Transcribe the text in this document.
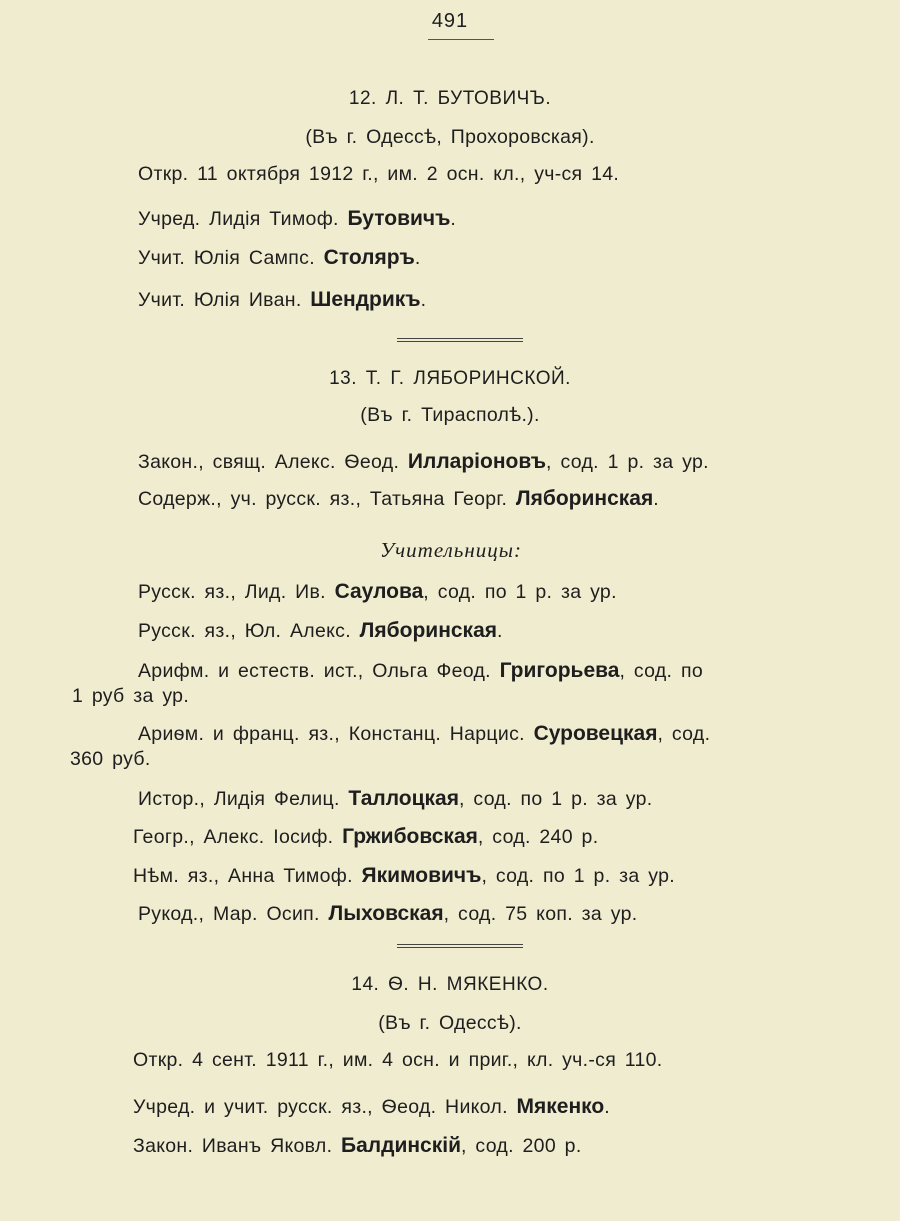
491
12. Л. Т. БУТОВИЧЪ.
(Въ г. Одессѣ, Прохоровская).
Откр. 11 октября 1912 г., им. 2 осн. кл., уч-ся 14.
Учред. Лидія Тимоф. Бутовичъ.
Учит. Юлія Сампс. Столяръ.
Учит. Юлія Иван. Шендрикъ.
13. Т. Г. ЛЯБОРИНСКОЙ.
(Въ г. Тирасполѣ.).
Закон., свящ. Алекс. Ѳеод. Илларіоновъ, сод. 1 р. за ур.
Содерж., уч. русск. яз., Татьяна Георг. Ляборинская.
Учительницы:
Русск. яз., Лид. Ив. Саулова, сод. по 1 р. за ур.
Русск. яз., Юл. Алекс. Ляборинская.
Арифм. и естеств. ист., Ольга Феод. Григорьева, сод. по
1 руб за ур.
Ариѳм. и франц. яз., Констанц. Нарцис. Суровецкая, сод.
360 руб.
Истор., Лидія Фелиц. Таллоцкая, сод. по 1 р. за ур.
Геогр., Алекс. Іосиф. Гржибовская, сод. 240 р.
Нѣм. яз., Анна Тимоф. Якимовичъ, сод. по 1 р. за ур.
Рукод., Мар. Осип. Лыховская, сод. 75 коп. за ур.
14. Ѳ. Н. МЯКЕНКО.
(Въ г. Одессѣ).
Откр. 4 сент. 1911 г., им. 4 осн. и приг., кл. уч.-ся 110.
Учред. и учит. русск. яз., Ѳеод. Никол. Мякенко.
Закон. Иванъ Яковл. Балдинскій, сод. 200 р.
